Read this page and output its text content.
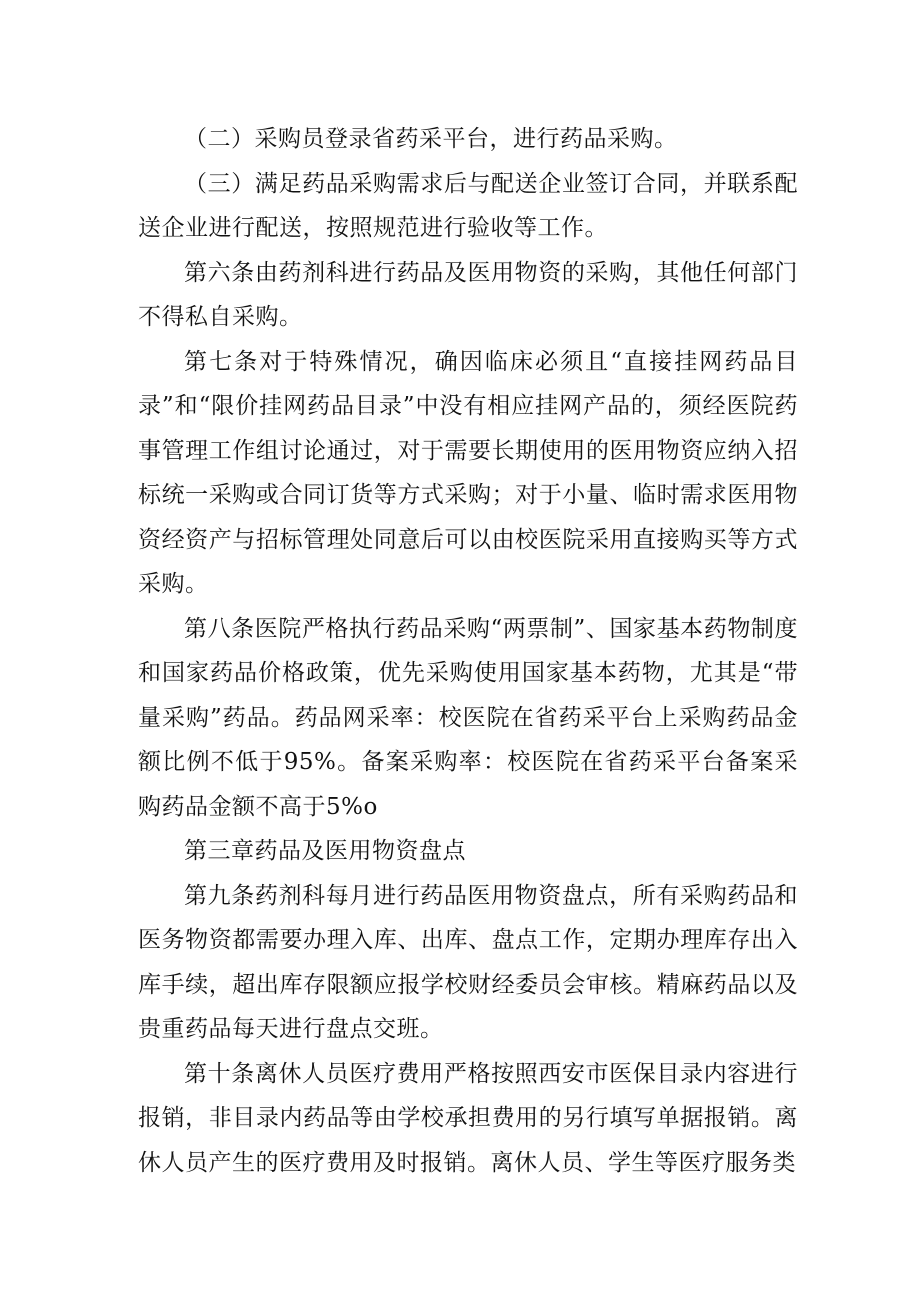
（二）采购员登录省药采平台，进行药品采购。

（三）满足药品采购需求后与配送企业签订合同，并联系配送企业进行配送，按照规范进行验收等工作。

第六条由药剂科进行药品及医用物资的采购，其他任何部门不得私自采购。

第七条对于特殊情况，确因临床必须且“直接挂网药品目录”和“限价挂网药品目录”中没有相应挂网产品的，须经医院药事管理工作组讨论通过，对于需要长期使用的医用物资应纳入招标统一采购或合同订货等方式采购；对于小量、临时需求医用物资经资产与招标管理处同意后可以由校医院采用直接购买等方式采购。

第八条医院严格执行药品采购“两票制”、国家基本药物制度和国家药品价格政策，优先采购使用国家基本药物，尤其是“带量采购”药品。药品网采率：校医院在省药采平台上采购药品金额比例不低于95%。备案采购率：校医院在省药采平台备案采购药品金额不高于5%o

第三章药品及医用物资盘点

第九条药剂科每月进行药品医用物资盘点，所有采购药品和医务物资都需要办理入库、出库、盘点工作，定期办理库存出入库手续，超出库存限额应报学校财经委员会审核。精麻药品以及贵重药品每天进行盘点交班。

第十条离休人员医疗费用严格按照西安市医保目录内容进行报销，非目录内药品等由学校承担费用的另行填写单据报销。离休人员产生的医疗费用及时报销。离休人员、学生等医疗服务类
